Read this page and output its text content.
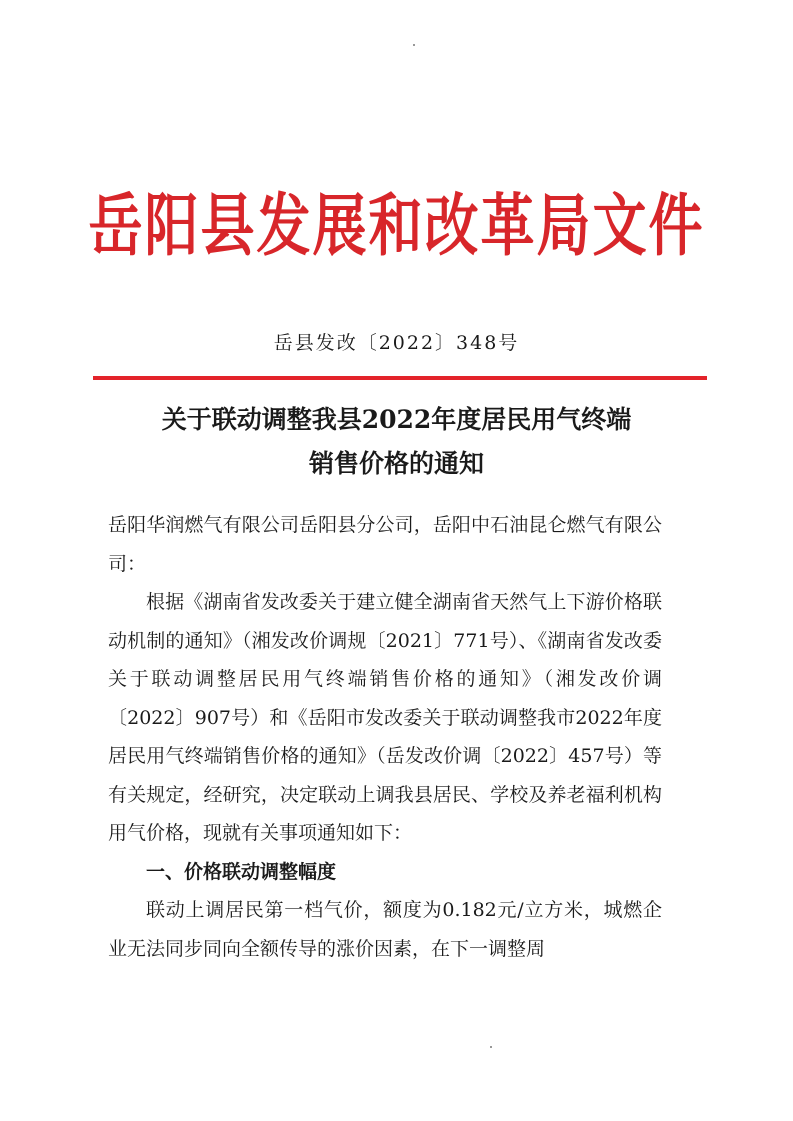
岳阳县发展和改革局文件
岳县发改〔2022〕348号
关于联动调整我县2022年度居民用气终端
销售价格的通知

岳阳华润燃气有限公司岳阳县分公司，岳阳中石油昆仑燃气有限公司：

根据《湖南省发改委关于建立健全湖南省天然气上下游价格联动机制的通知》（湘发改价调规〔2021〕771号）、《湖南省发改委关于联动调整居民用气终端销售价格的通知》（湘发改价调〔2022〕907号）和《岳阳市发改委关于联动调整我市2022年度居民用气终端销售价格的通知》（岳发改价调〔2022〕457号）等有关规定，经研究，决定联动上调我县居民、学校及养老福利机构用气价格，现就有关事项通知如下：

一、价格联动调整幅度

联动上调居民第一档气价，额度为0.182元/立方米，城燃企业无法同步同向全额传导的涨价因素，在下一调整周
